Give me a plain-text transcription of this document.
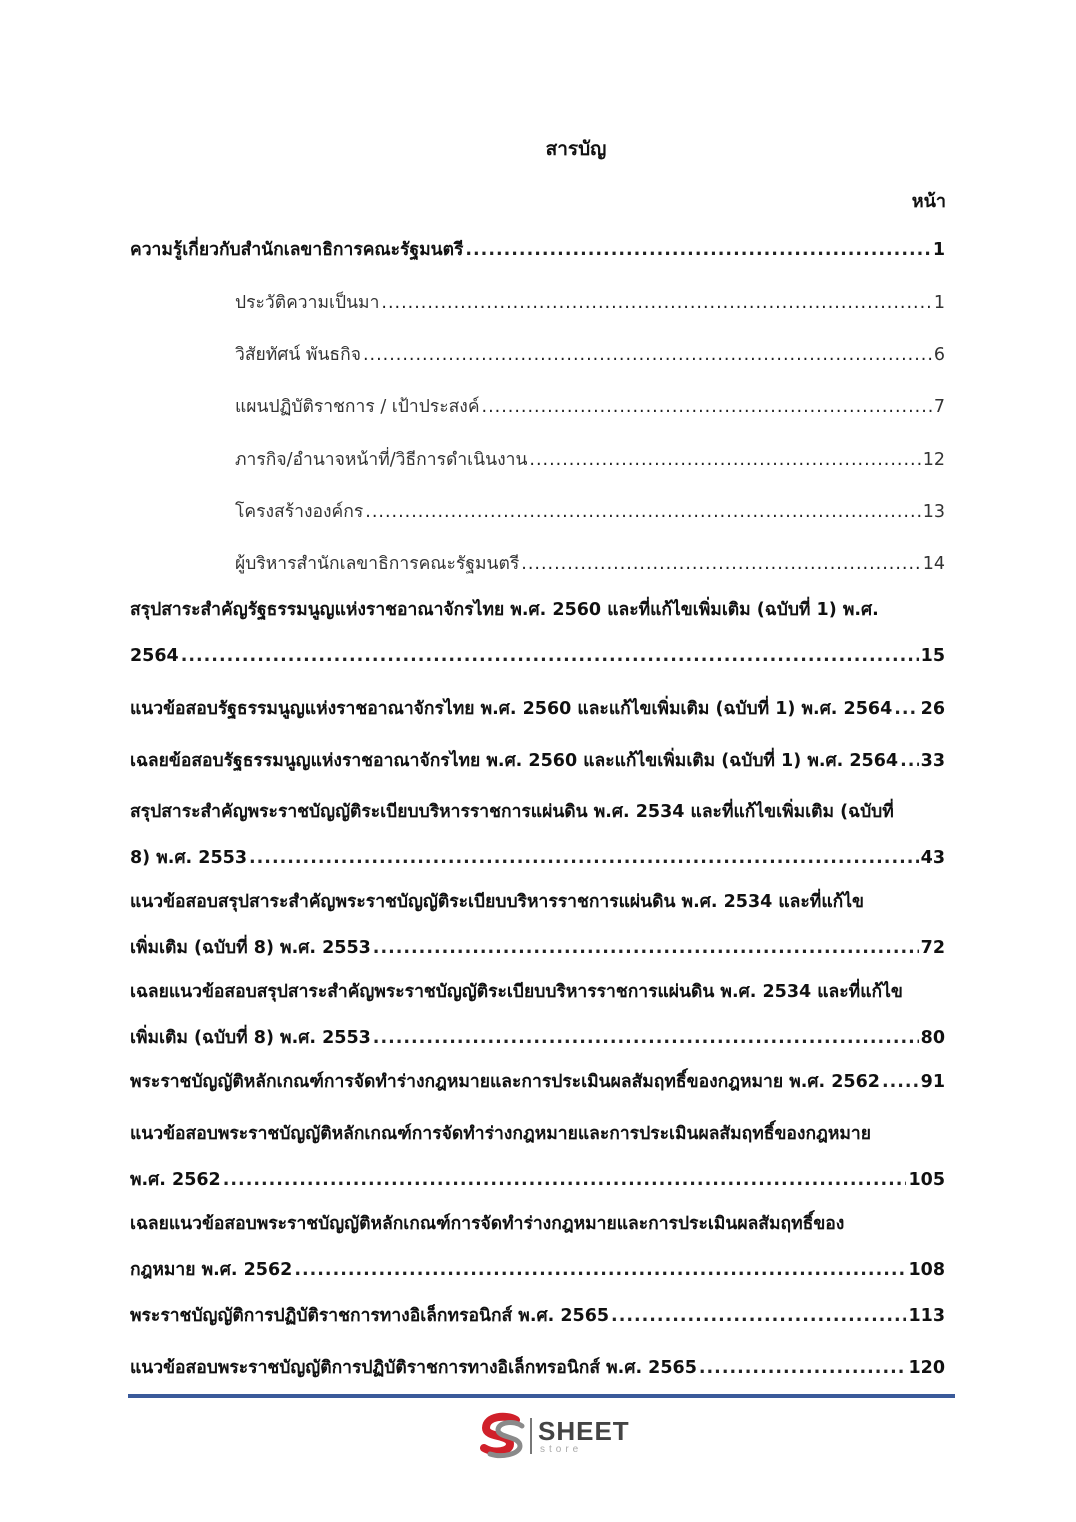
สารบัญ
หน้า
ความรู้เกี่ยวกับสำนักเลขาธิการคณะรัฐมนตรี .....	1
ประวัติความเป็นมา .....	1
วิสัยทัศน์ พันธกิจ .....	6
แผนปฏิบัติราชการ / เป้าประสงค์ .....	7
ภารกิจ/อำนาจหน้าที่/วิธีการดำเนินงาน .....	12
โครงสร้างองค์กร .....	13
ผู้บริหารสำนักเลขาธิการคณะรัฐมนตรี .....	14
สรุปสาระสำคัญรัฐธรรมนูญแห่งราชอาณาจักรไทย พ.ศ. 2560 และที่แก้ไขเพิ่มเติม (ฉบับที่ 1) พ.ศ.
2564 .....	15
แนวข้อสอบรัฐธรรมนูญแห่งราชอาณาจักรไทย พ.ศ. 2560 และแก้ไขเพิ่มเติม (ฉบับที่ 1) พ.ศ. 2564 ..... 26
เฉลยข้อสอบรัฐธรรมนูญแห่งราชอาณาจักรไทย พ.ศ. 2560 และแก้ไขเพิ่มเติม (ฉบับที่ 1) พ.ศ. 2564 ..... 33
สรุปสาระสำคัญพระราชบัญญัติระเบียบบริหารราชการแผ่นดิน พ.ศ. 2534 และที่แก้ไขเพิ่มเติม (ฉบับที่
8) พ.ศ. 2553 .....	43
แนวข้อสอบสรุปสาระสำคัญพระราชบัญญัติระเบียบบริหารราชการแผ่นดิน พ.ศ. 2534 และที่แก้ไข
เพิ่มเติม (ฉบับที่ 8) พ.ศ. 2553 .....	72
เฉลยแนวข้อสอบสรุปสาระสำคัญพระราชบัญญัติระเบียบบริหารราชการแผ่นดิน พ.ศ. 2534 และที่แก้ไข
เพิ่มเติม (ฉบับที่ 8) พ.ศ. 2553 .....	80
พระราชบัญญัติหลักเกณฑ์การจัดทำร่างกฎหมายและการประเมินผลสัมฤทธิ์ของกฎหมาย พ.ศ. 2562 ..... 91
แนวข้อสอบพระราชบัญญัติหลักเกณฑ์การจัดทำร่างกฎหมายและการประเมินผลสัมฤทธิ์ของกฎหมาย
พ.ศ. 2562 .....	105
เฉลยแนวข้อสอบพระราชบัญญัติหลักเกณฑ์การจัดทำร่างกฎหมายและการประเมินผลสัมฤทธิ์ของ
กฎหมาย พ.ศ. 2562 .....	108
พระราชบัญญัติการปฏิบัติราชการทางอิเล็กทรอนิกส์ พ.ศ. 2565 .....	113
แนวข้อสอบพระราชบัญญัติการปฏิบัติราชการทางอิเล็กทรอนิกส์ พ.ศ. 2565 .....	120
SHEET
store
